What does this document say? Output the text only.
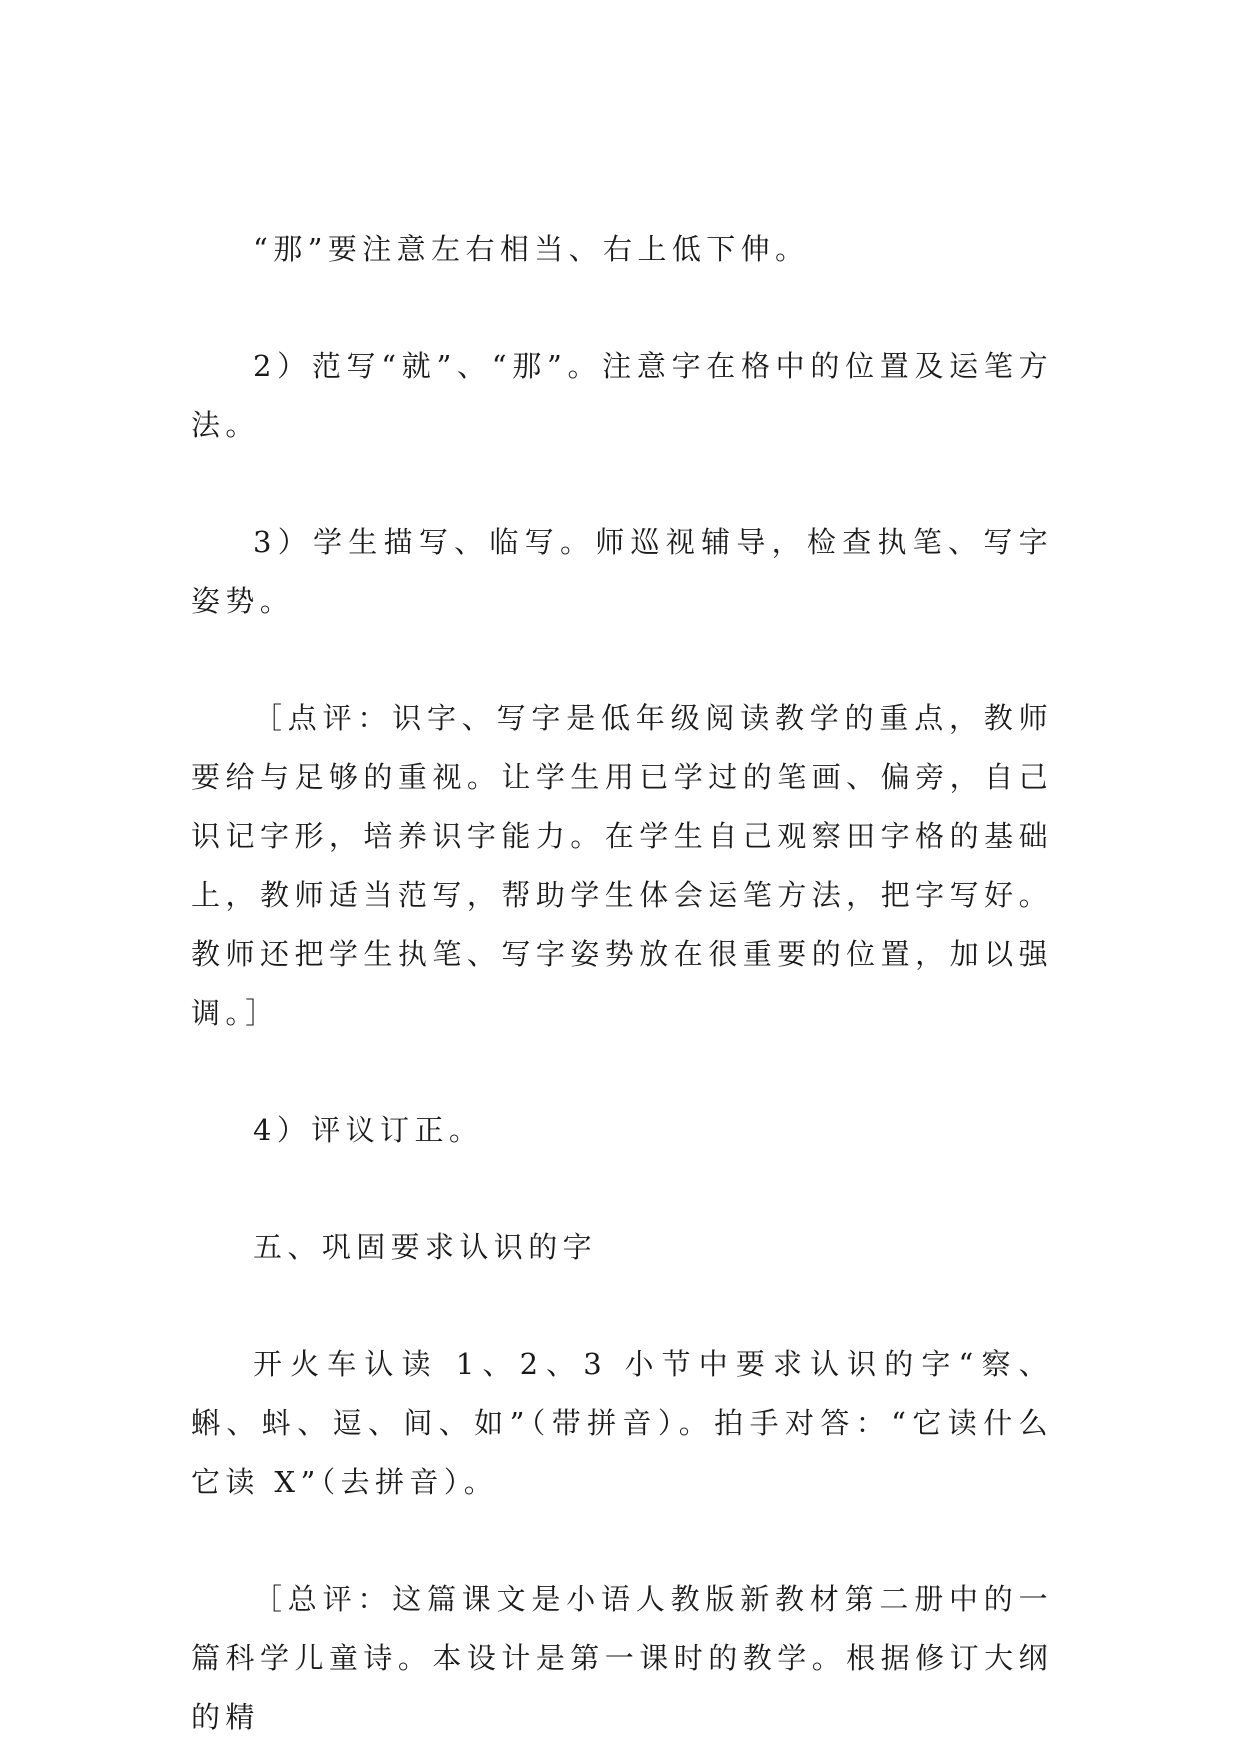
“那”要注意左右相当、右上低下伸。

2）范写“就”、“那”。注意字在格中的位置及运笔方法。

3）学生描写、临写。师巡视辅导，检查执笔、写字姿势。

［点评：识字、写字是低年级阅读教学的重点，教师要给与足够的重视。让学生用已学过的笔画、偏旁，自己识记字形，培养识字能力。在学生自己观察田字格的基础上，教师适当范写，帮助学生体会运笔方法，把字写好。教师还把学生执笔、写字姿势放在很重要的位置，加以强调。］

4）评议订正。

五、巩固要求认识的字

开火车认读 1、2、3 小节中要求认识的字“察、蝌、蚪、逗、间、如”（带拼音）。拍手对答：“它读什么它读 X”（去拼音）。

［总评：这篇课文是小语人教版新教材第二册中的一篇科学儿童诗。本设计是第一课时的教学。根据修订大纲的精
